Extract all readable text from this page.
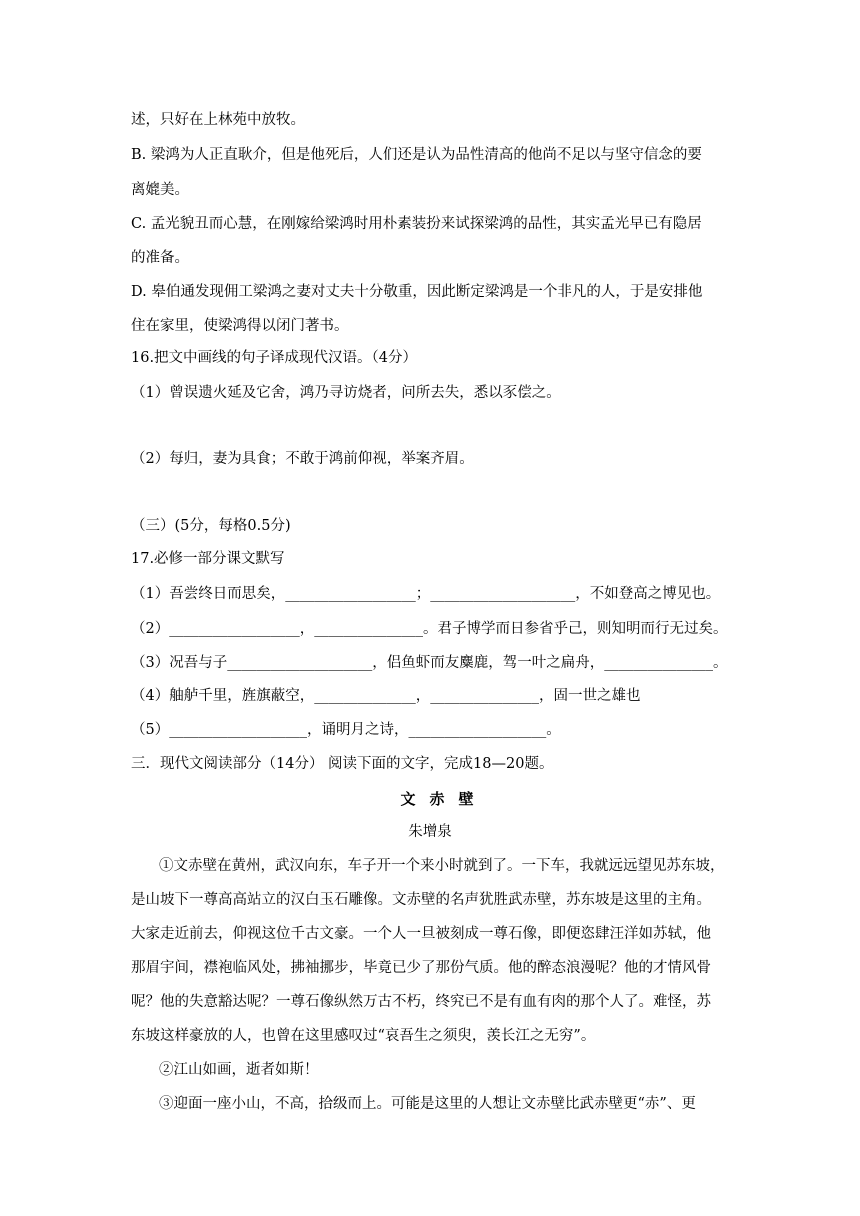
述，只好在上林苑中放牧。
B. 梁鸿为人正直耿介，但是他死后，人们还是认为品性清高的他尚不足以与坚守信念的要
离媲美。
C. 孟光貌丑而心慧，在刚嫁给梁鸿时用朴素装扮来试探梁鸿的品性，其实孟光早已有隐居
的准备。
D. 皋伯通发现佣工梁鸿之妻对丈夫十分敬重，因此断定梁鸿是一个非凡的人，于是安排他
住在家里，使梁鸿得以闭门著书。
16.把文中画线的句子译成现代汉语。（4分）
（1）曾误遗火延及它舍，鸿乃寻访烧者，问所去失，悉以豕偿之。
（2）每归，妻为具食；不敢于鸿前仰视，举案齐眉。
（三）(5分，每格0.5分)
17.必修一部分课文默写
（1）吾尝终日而思矣，__________________；____________________，不如登高之博见也。
（2）__________________，_______________。君子博学而日参省乎己，则知明而行无过矣。
（3）况吾与子____________________，侣鱼虾而友麋鹿，驾一叶之扁舟，_______________。
（4）舳舻千里，旌旗蔽空，______________，_______________，固一世之雄也
（5）___________________，诵明月之诗，___________________。
三．现代文阅读部分（14分） 阅读下面的文字，完成18—20题。
文赤壁
朱增泉
①文赤壁在黄州，武汉向东，车子开一个来小时就到了。一下车，我就远远望见苏东坡，
是山坡下一尊高高站立的汉白玉石雕像。文赤壁的名声犹胜武赤壁，苏东坡是这里的主角。
大家走近前去，仰视这位千古文豪。一个人一旦被刻成一尊石像，即便恣肆汪洋如苏轼，他
那眉宇间，襟袍临风处，拂袖挪步，毕竟已少了那份气质。他的醉态浪漫呢？他的才情风骨
呢？他的失意豁达呢？一尊石像纵然万古不朽，终究已不是有血有肉的那个人了。难怪，苏
东坡这样豪放的人，也曾在这里感叹过“哀吾生之须臾，羡长江之无穷”。
②江山如画，逝者如斯！
③迎面一座小山，不高，拾级而上。可能是这里的人想让文赤壁比武赤壁更“赤”、更
